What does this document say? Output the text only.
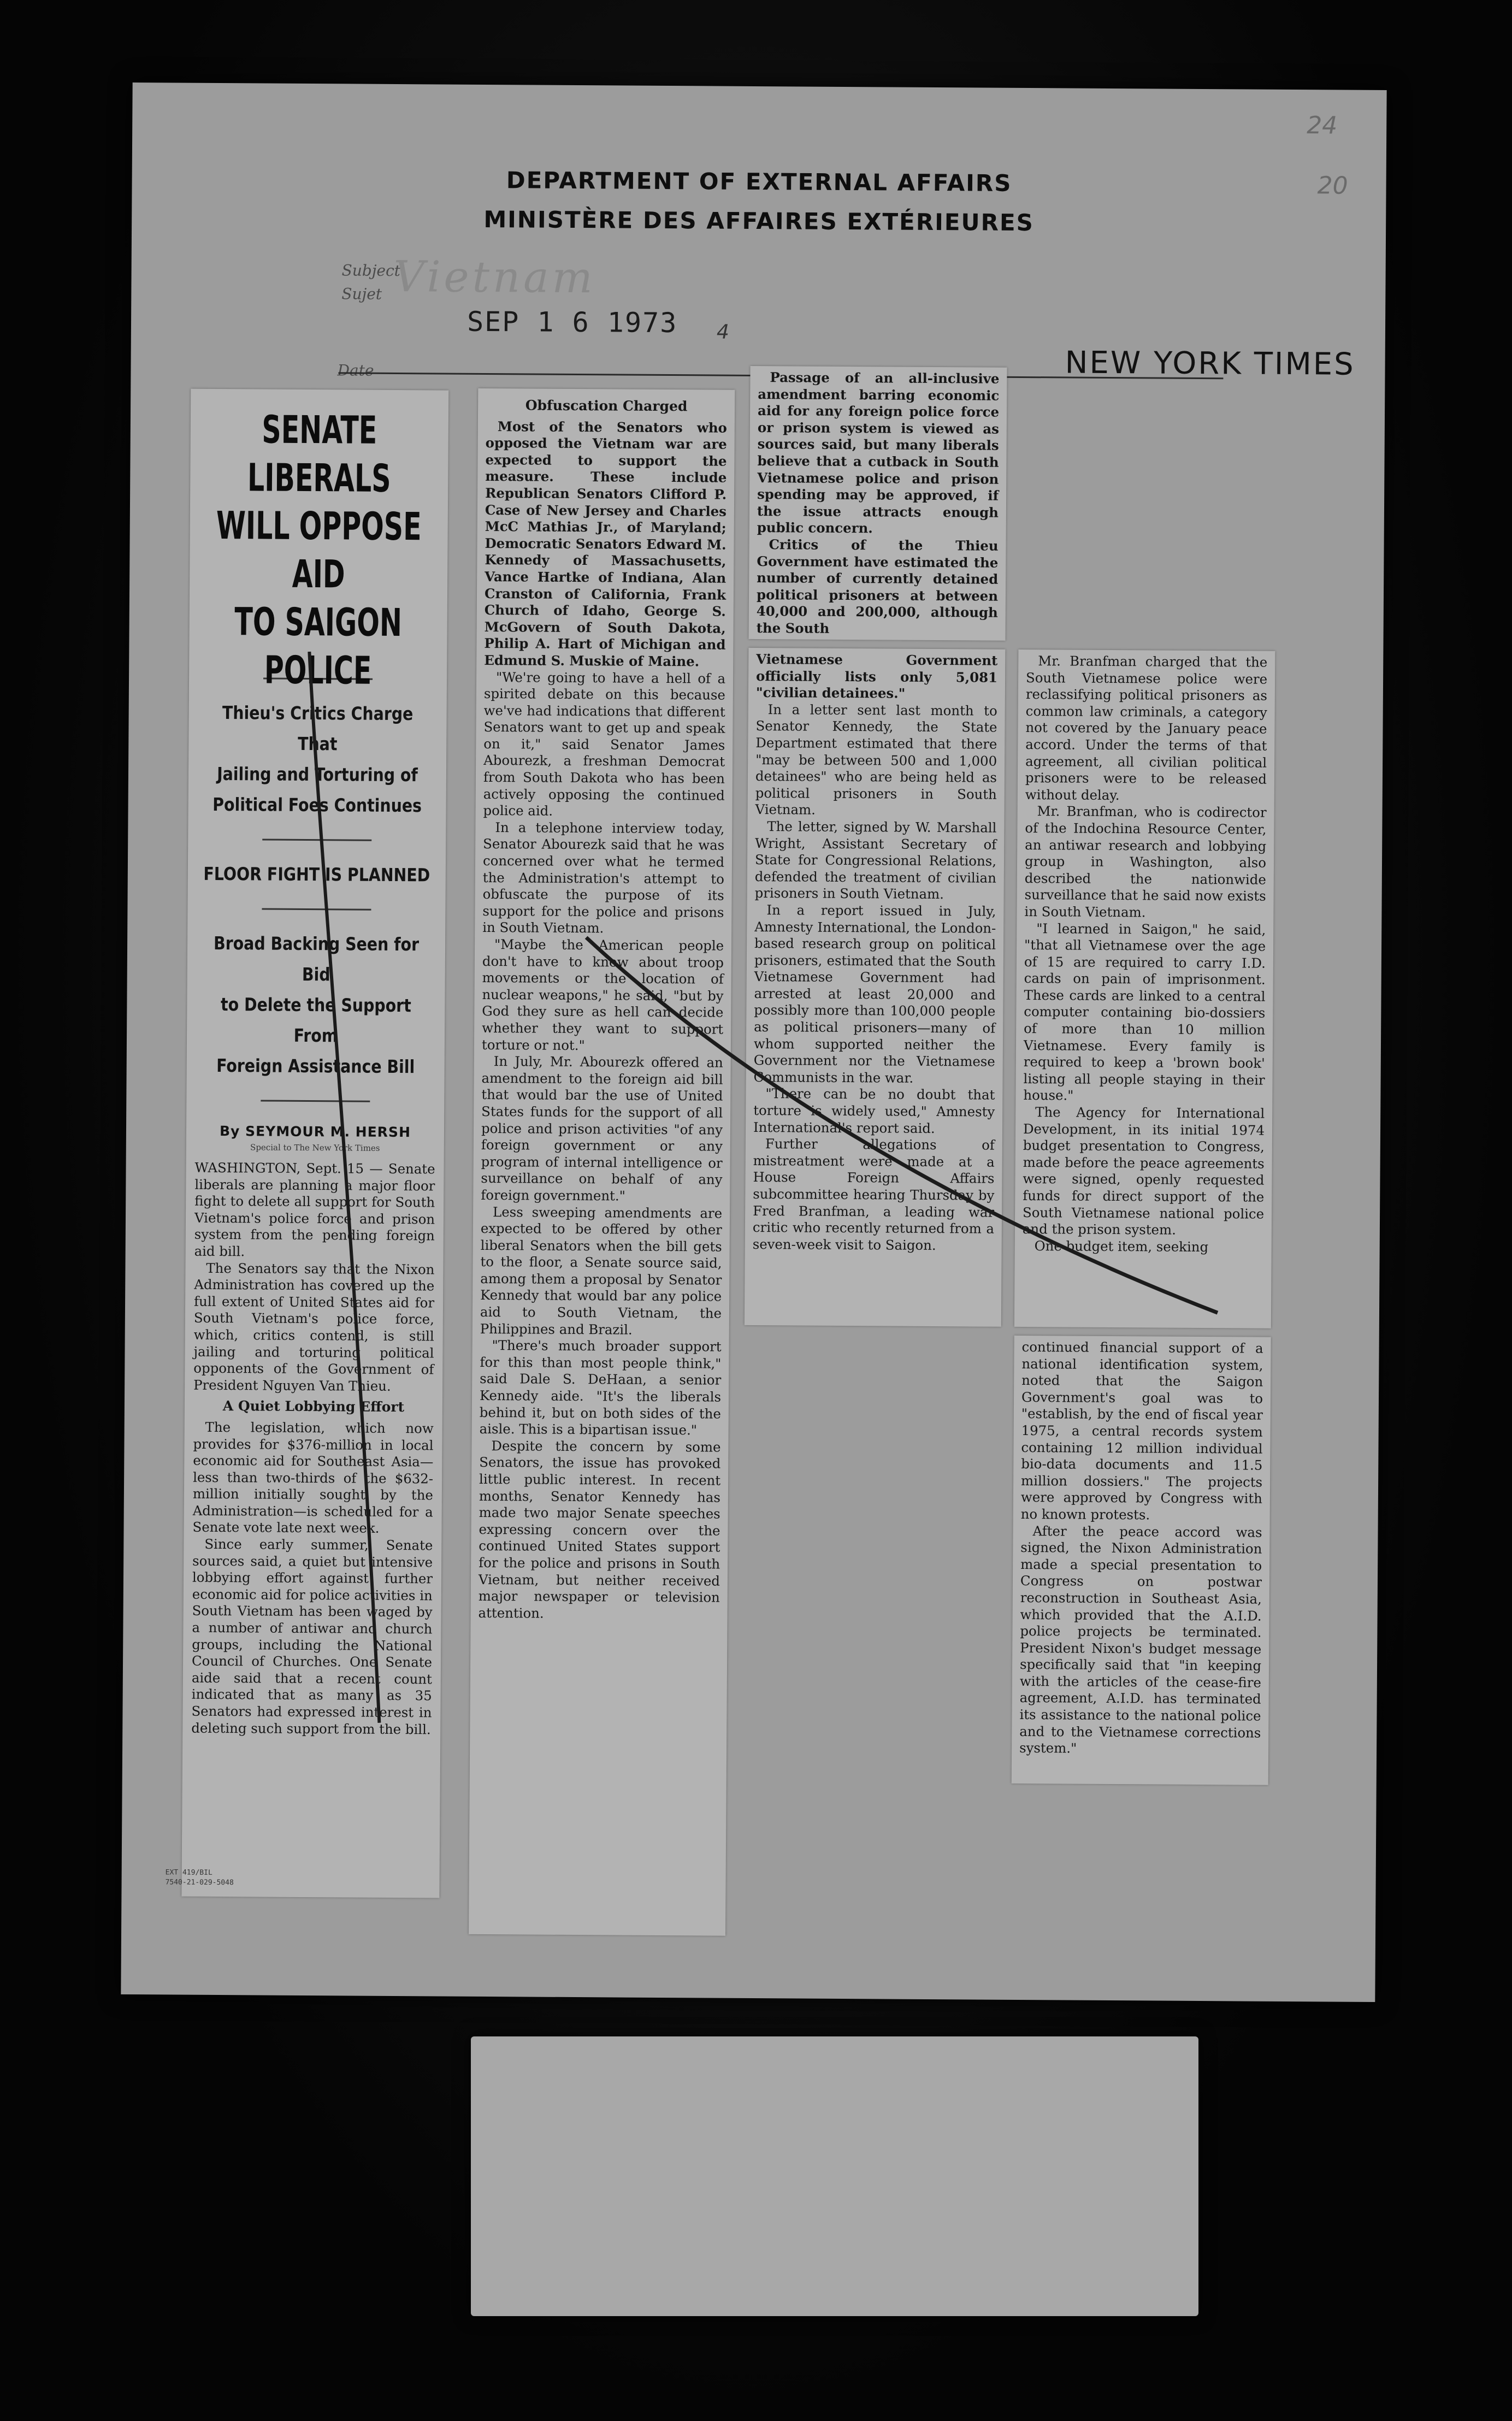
DEPARTMENT OF EXTERNAL AFFAIRS
MINISTÈRE DES AFFAIRES EXTÉRIEURES
Subject
Sujet Vietnam
Date
SEP 1 6 1973
NEW YORK TIMES
24
20
4
SENATE LIBERALS
WILL OPPOSE AID
TO SAIGON POLICE
Thieu's Critics Charge That
Jailing and Torturing of
Political Foes Continues
FLOOR FIGHT IS PLANNED
Broad Backing Seen for Bid
to Delete the Support From
Foreign Assistance Bill
By SEYMOUR M. HERSH
Special to The New York Times

WASHINGTON, Sept. 15 — Senate liberals are planning a major floor fight to delete all support for South Vietnam's police force and prison system from the pending foreign aid bill.

The Senators say that the Nixon Administration has covered up the full extent of United States aid for South Vietnam's police force, which, critics contend, is still jailing and torturing political opponents of the Government of President Nguyen Van Thieu.

A Quiet Lobbying Effort

The legislation, which now provides for $376-million in local economic aid for Southeast Asia—less than two-thirds of the $632-million initially sought by the Administration—is scheduled for a Senate vote late next week.

Since early summer, Senate sources said, a quiet but intensive lobbying effort against further economic aid for police activities in South Vietnam has been waged by a number of antiwar and church groups, including the National Council of Churches. One Senate aide said that a recent count indicated that as many as 35 Senators had expressed interest in deleting such support from the bill.

Obfuscation Charged

Most of the Senators who opposed the Vietnam war are expected to support the measure. These include Republican Senators Clifford P. Case of New Jersey and Charles McC Mathias Jr., of Maryland; Democratic Senators Edward M. Kennedy of Massachusetts, Vance Hartke of Indiana, Alan Cranston of California, Frank Church of Idaho, George S. McGovern of South Dakota, Philip A. Hart of Michigan and Edmund S. Muskie of Maine.

"We're going to have a hell of a spirited debate on this because we've had indications that different Senators want to get up and speak on it," said Senator James Abourezk, a freshman Democrat from South Dakota who has been actively opposing the continued police aid.

In a telephone interview today, Senator Abourezk said that he was concerned over what he termed the Administration's attempt to obfuscate the purpose of its support for the police and prisons in South Vietnam.

"Maybe the American people don't have to know about troop movements or the location of nuclear weapons," he said, "but by God they sure as hell can decide whether they want to support torture or not."

In July, Mr. Abourezk offered an amendment to the foreign aid bill that would bar the use of United States funds for the support of all police and prison activities "of any foreign government or any program of internal intelligence or surveillance on behalf of any foreign government."

Less sweeping amendments are expected to be offered by other liberal Senators when the bill gets to the floor, a Senate source said, among them a proposal by Senator Kennedy that would bar any police aid to South Vietnam, the Philippines and Brazil.

"There's much broader support for this than most people think," said Dale S. DeHaan, a senior Kennedy aide. "It's the liberals behind it, but on both sides of the aisle. This is a bipartisan issue."

Despite the concern by some Senators, the issue has provoked little public interest. In recent months, Senator Kennedy has made two major Senate speeches expressing concern over the continued United States support for the police and prisons in South Vietnam, but neither received major newspaper or television attention.

Passage of an all-inclusive amendment barring economic aid for any foreign police force or prison system is viewed as sources said, but many liberals believe that a cutback in South Vietnamese police and prison spending may be approved, if the issue attracts enough public concern.

Critics of the Thieu Government have estimated the number of currently detained political prisoners at between 40,000 and 200,000, although the South

Vietnamese Government officially lists only 5,081 "civilian detainees."

In a letter sent last month to Senator Kennedy, the State Department estimated that there "may be between 500 and 1,000 detainees" who are being held as political prisoners in South Vietnam.

The letter, signed by W. Marshall Wright, Assistant Secretary of State for Congressional Relations, defended the treatment of civilian prisoners in South Vietnam.

In a report issued in July, Amnesty International, the London-based research group on political prisoners, estimated that the South Vietnamese Government had arrested at least 20,000 and possibly more than 100,000 people as political prisoners—many of whom supported neither the Government nor the Vietnamese Communists in the war.

"There can be no doubt that torture is widely used," Amnesty International's report said.

Further allegations of mistreatment were made at a House Foreign Affairs subcommittee hearing Thursday by Fred Branfman, a leading war critic who recently returned from a seven-week visit to Saigon.

Mr. Branfman charged that the South Vietnamese police were reclassifying political prisoners as common law criminals, a category not covered by the January peace accord. Under the terms of that agreement, all civilian political prisoners were to be released without delay.

Mr. Branfman, who is codirector of the Indochina Resource Center, an antiwar research and lobbying group in Washington, also described the nationwide surveillance that he said now exists in South Vietnam.

"I learned in Saigon," he said, "that all Vietnamese over the age of 15 are required to carry I.D. cards on pain of imprisonment. These cards are linked to a central computer containing bio-dossiers of more than 10 million Vietnamese. Every family is required to keep a 'brown book' listing all people staying in their house."

The Agency for International Development, in its initial 1974 budget presentation to Congress, made before the peace agreements were signed, openly requested funds for direct support of the South Vietnamese national police and the prison system.

One budget item, seeking

continued financial support of a national identification system, noted that the Saigon Government's goal was to "establish, by the end of fiscal year 1975, a central records system containing 12 million individual bio-data documents and 11.5 million dossiers." The projects were approved by Congress with no known protests.

After the peace accord was signed, the Nixon Administration made a special presentation to Congress on postwar reconstruction in Southeast Asia, which provided that the A.I.D. police projects be terminated. President Nixon's budget message specifically said that "in keeping with the articles of the cease-fire agreement, A.I.D. has terminated its assistance to the national police and to the Vietnamese corrections system."

EXT 419/BIL
7540-21-029-5048
